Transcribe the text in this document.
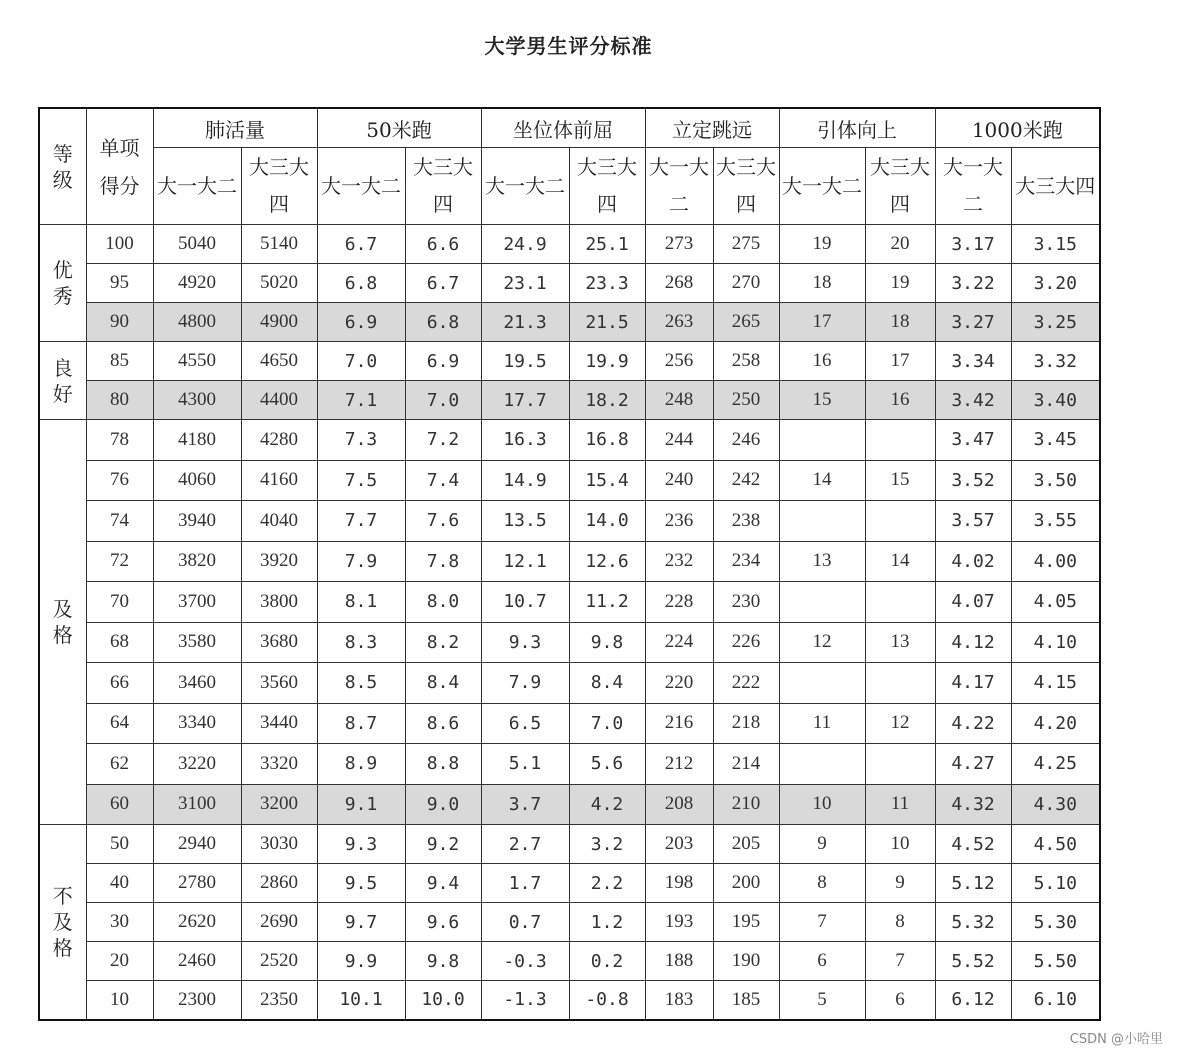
大学男生评分标准
等
级	单项
得分	肺活量		50米跑		坐位体前屈		立定跳远		引体向上		1000米跑	
		大一大二	大三大四	大一大二	大三大四	大一大二	大三大四	大一大二	大三大四	大一大二	大三大四	大一大二	大三大四

优
秀	100	5040	5140	6.7	6.6	24.9	25.1	273	275	19	20	3.17	3.15
	95	4920	5020	6.8	6.7	23.1	23.3	268	270	18	19	3.22	3.20
	90	4800	4900	6.9	6.8	21.3	21.5	263	265	17	18	3.27	3.25

良
好	85	4550	4650	7.0	6.9	19.5	19.9	256	258	16	17	3.34	3.32
	80	4300	4400	7.1	7.0	17.7	18.2	248	250	15	16	3.42	3.40

及
格	78	4180	4280	7.3	7.2	16.3	16.8	244	246			3.47	3.45
	76	4060	4160	7.5	7.4	14.9	15.4	240	242	14	15	3.52	3.50
	74	3940	4040	7.7	7.6	13.5	14.0	236	238			3.57	3.55
	72	3820	3920	7.9	7.8	12.1	12.6	232	234	13	14	4.02	4.00
	70	3700	3800	8.1	8.0	10.7	11.2	228	230			4.07	4.05
	68	3580	3680	8.3	8.2	9.3	9.8	224	226	12	13	4.12	4.10
	66	3460	3560	8.5	8.4	7.9	8.4	220	222			4.17	4.15
	64	3340	3440	8.7	8.6	6.5	7.0	216	218	11	12	4.22	4.20
	62	3220	3320	8.9	8.8	5.1	5.6	212	214			4.27	4.25
	60	3100	3200	9.1	9.0	3.7	4.2	208	210	10	11	4.32	4.30

不
及
格	50	2940	3030	9.3	9.2	2.7	3.2	203	205	9	10	4.52	4.50
	40	2780	2860	9.5	9.4	1.7	2.2	198	200	8	9	5.12	5.10
	30	2620	2690	9.7	9.6	0.7	1.2	193	195	7	8	5.32	5.30
	20	2460	2520	9.9	9.8	-0.3	0.2	188	190	6	7	5.52	5.50
	10	2300	2350	10.1	10.0	-1.3	-0.8	183	185	5	6	6.12	6.10
CSDN @小哈里
